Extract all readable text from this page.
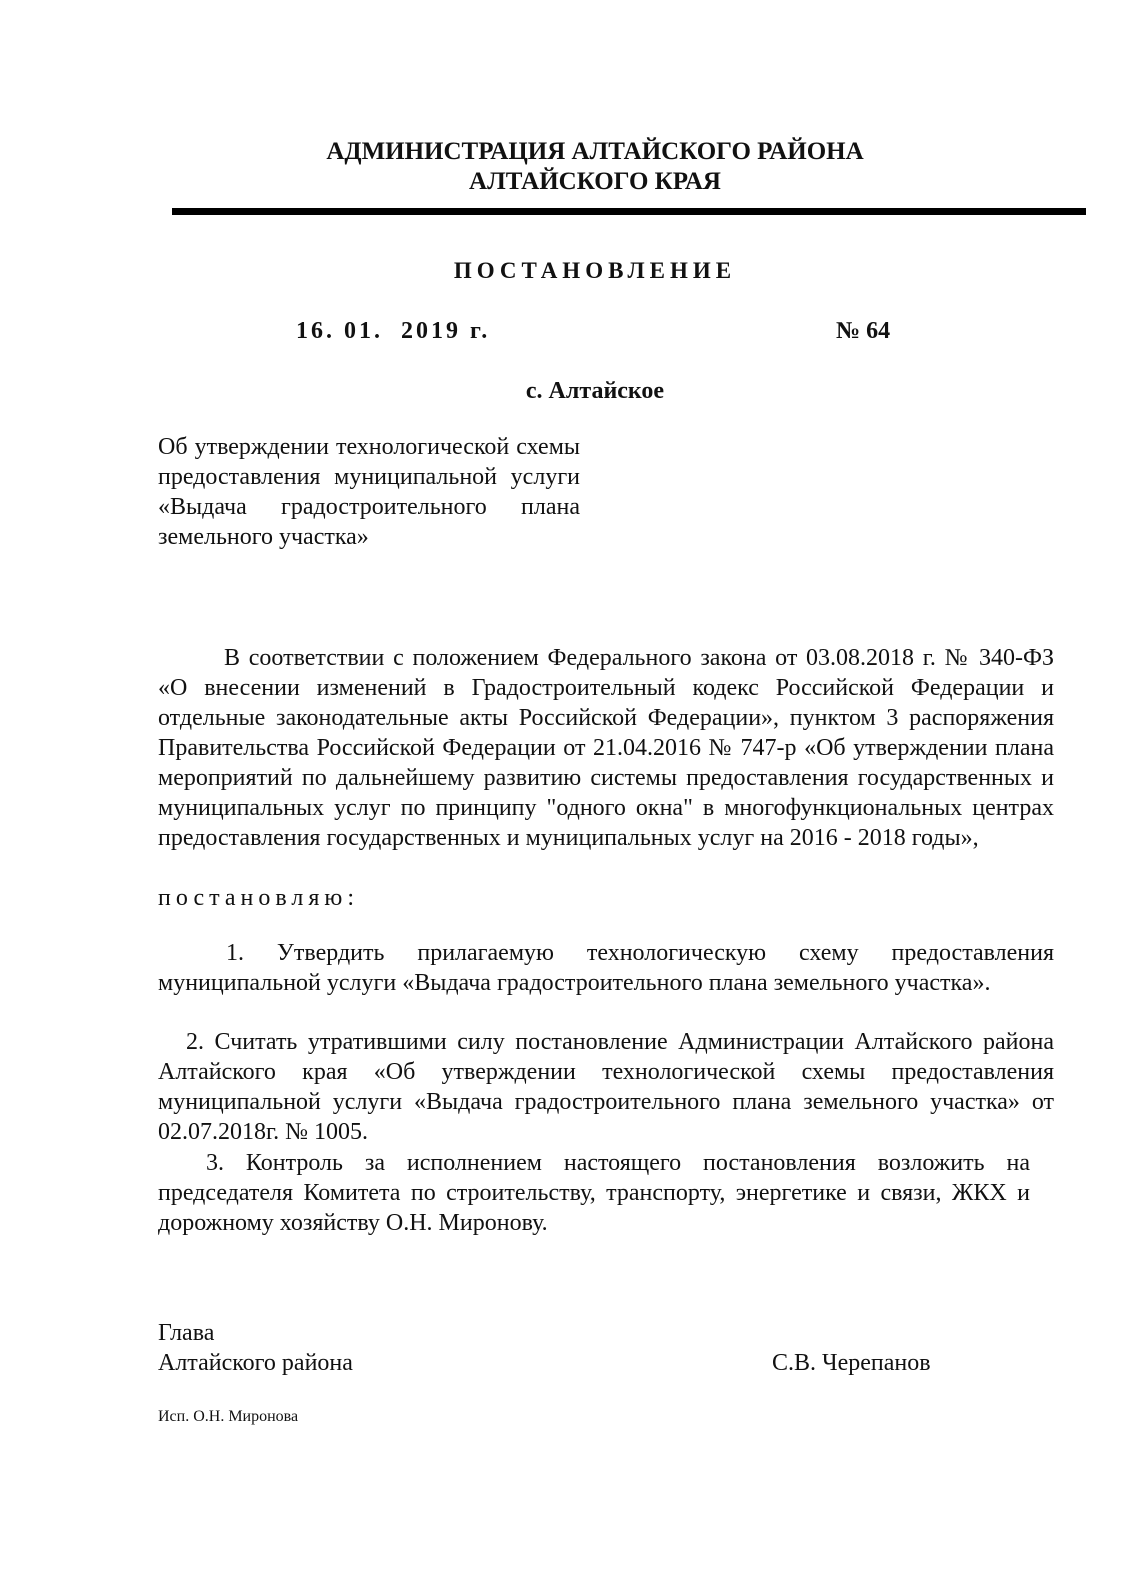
АДМИНИСТРАЦИЯ АЛТАЙСКОГО РАЙОНА
АЛТАЙСКОГО КРАЯ
ПОСТАНОВЛЕНИЕ
16. 01.  2019 г.	№ 64
с. Алтайское
Об утверждении технологической схемы предоставления муниципальной услуги «Выдача градостроительного плана земельного участка»

В соответствии с положением Федерального закона от 03.08.2018 г. № 340-ФЗ «О внесении изменений в Градостроительный кодекс Российской Федерации и отдельные законодательные акты Российской Федерации», пунктом 3 распоряжения Правительства Российской Федерации от 21.04.2016 № 747-р «Об утверждении плана мероприятий по дальнейшему развитию системы предоставления государственных и муниципальных услуг по принципу "одного окна" в многофункциональных центрах предоставления государственных и муниципальных услуг на 2016 - 2018 годы»,

постановляю:
1. Утвердить прилагаемую технологическую схему предоставления муниципальной услуги «Выдача градостроительного плана земельного участка».
2. Считать утратившими силу постановление Администрации Алтайского района Алтайского края «Об утверждении технологической схемы предоставления муниципальной услуги «Выдача градостроительного плана земельного участка» от 02.07.2018г. № 1005.
3. Контроль за исполнением настоящего постановления возложить на председателя Комитета по строительству, транспорту, энергетике и связи, ЖКХ и дорожному хозяйству О.Н. Миронову.
Глава
Алтайского района	С.В. Черепанов
Исп. О.Н. Миронова
